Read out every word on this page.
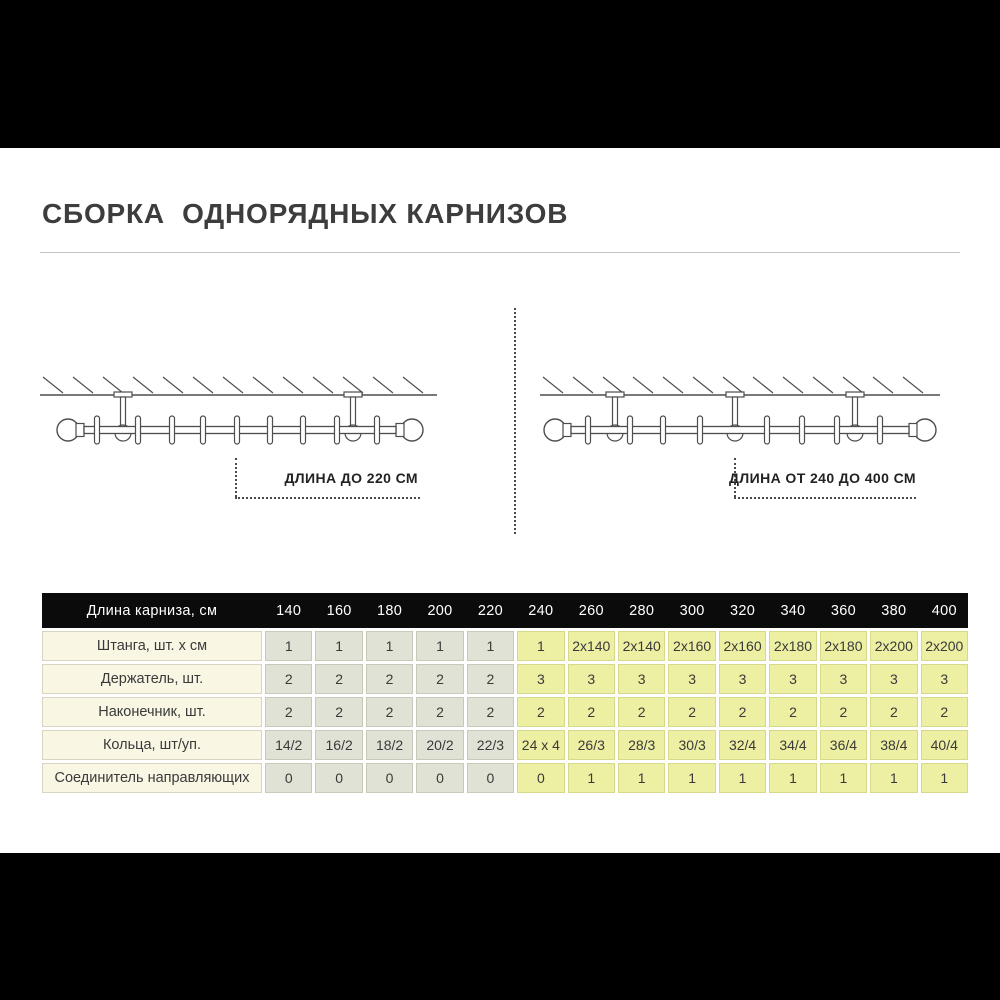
СБОРКА  ОДНОРЯДНЫХ КАРНИЗОВ
ДЛИНА ДО 220 СМ	ДЛИНА ОТ 240 ДО 400 СМ
Длина карниза, см	140	160	180	200	220	240	260	280	300	320	340	360	380	400
Штанга, шт. х см	1	1	1	1	1	1	2x140 2x140 2x160 2x160 2x180 2x180 2x200 2x200
Держатель, шт.	2	2	2	2	2	3	3	3	3	3	3	3	3	3
Наконечник, шт.	2	2	2	2	2	2	2	2	2	2	2	2	2	2
Кольца, шт/уп.	14/2	16/2	18/2	20/2	22/3	24 x 4	26/3	28/3	30/3	32/4	34/4	36/4	38/4	40/4
Соединитель направляющих	0	0	0	0	0	0	1	1	1	1	1	1	1	1
